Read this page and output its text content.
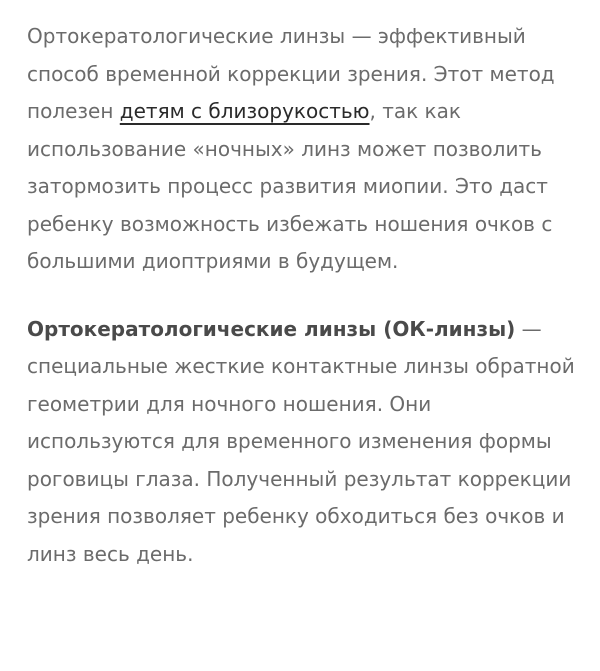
Ортокератологические линзы — эффективный способ временной коррекции зрения. Этот метод полезен детям с близорукостью, так как использование «ночных» линз может позволить затормозить процесс развития миопии. Это даст ребенку возможность избежать ношения очков с большими диоптриями в будущем.

Ортокератологические линзы (ОК-линзы) — специальные жесткие контактные линзы обратной геометрии для ночного ношения. Они используются для временного изменения формы роговицы глаза. Полученный результат коррекции зрения позволяет ребенку обходиться без очков и линз весь день.
